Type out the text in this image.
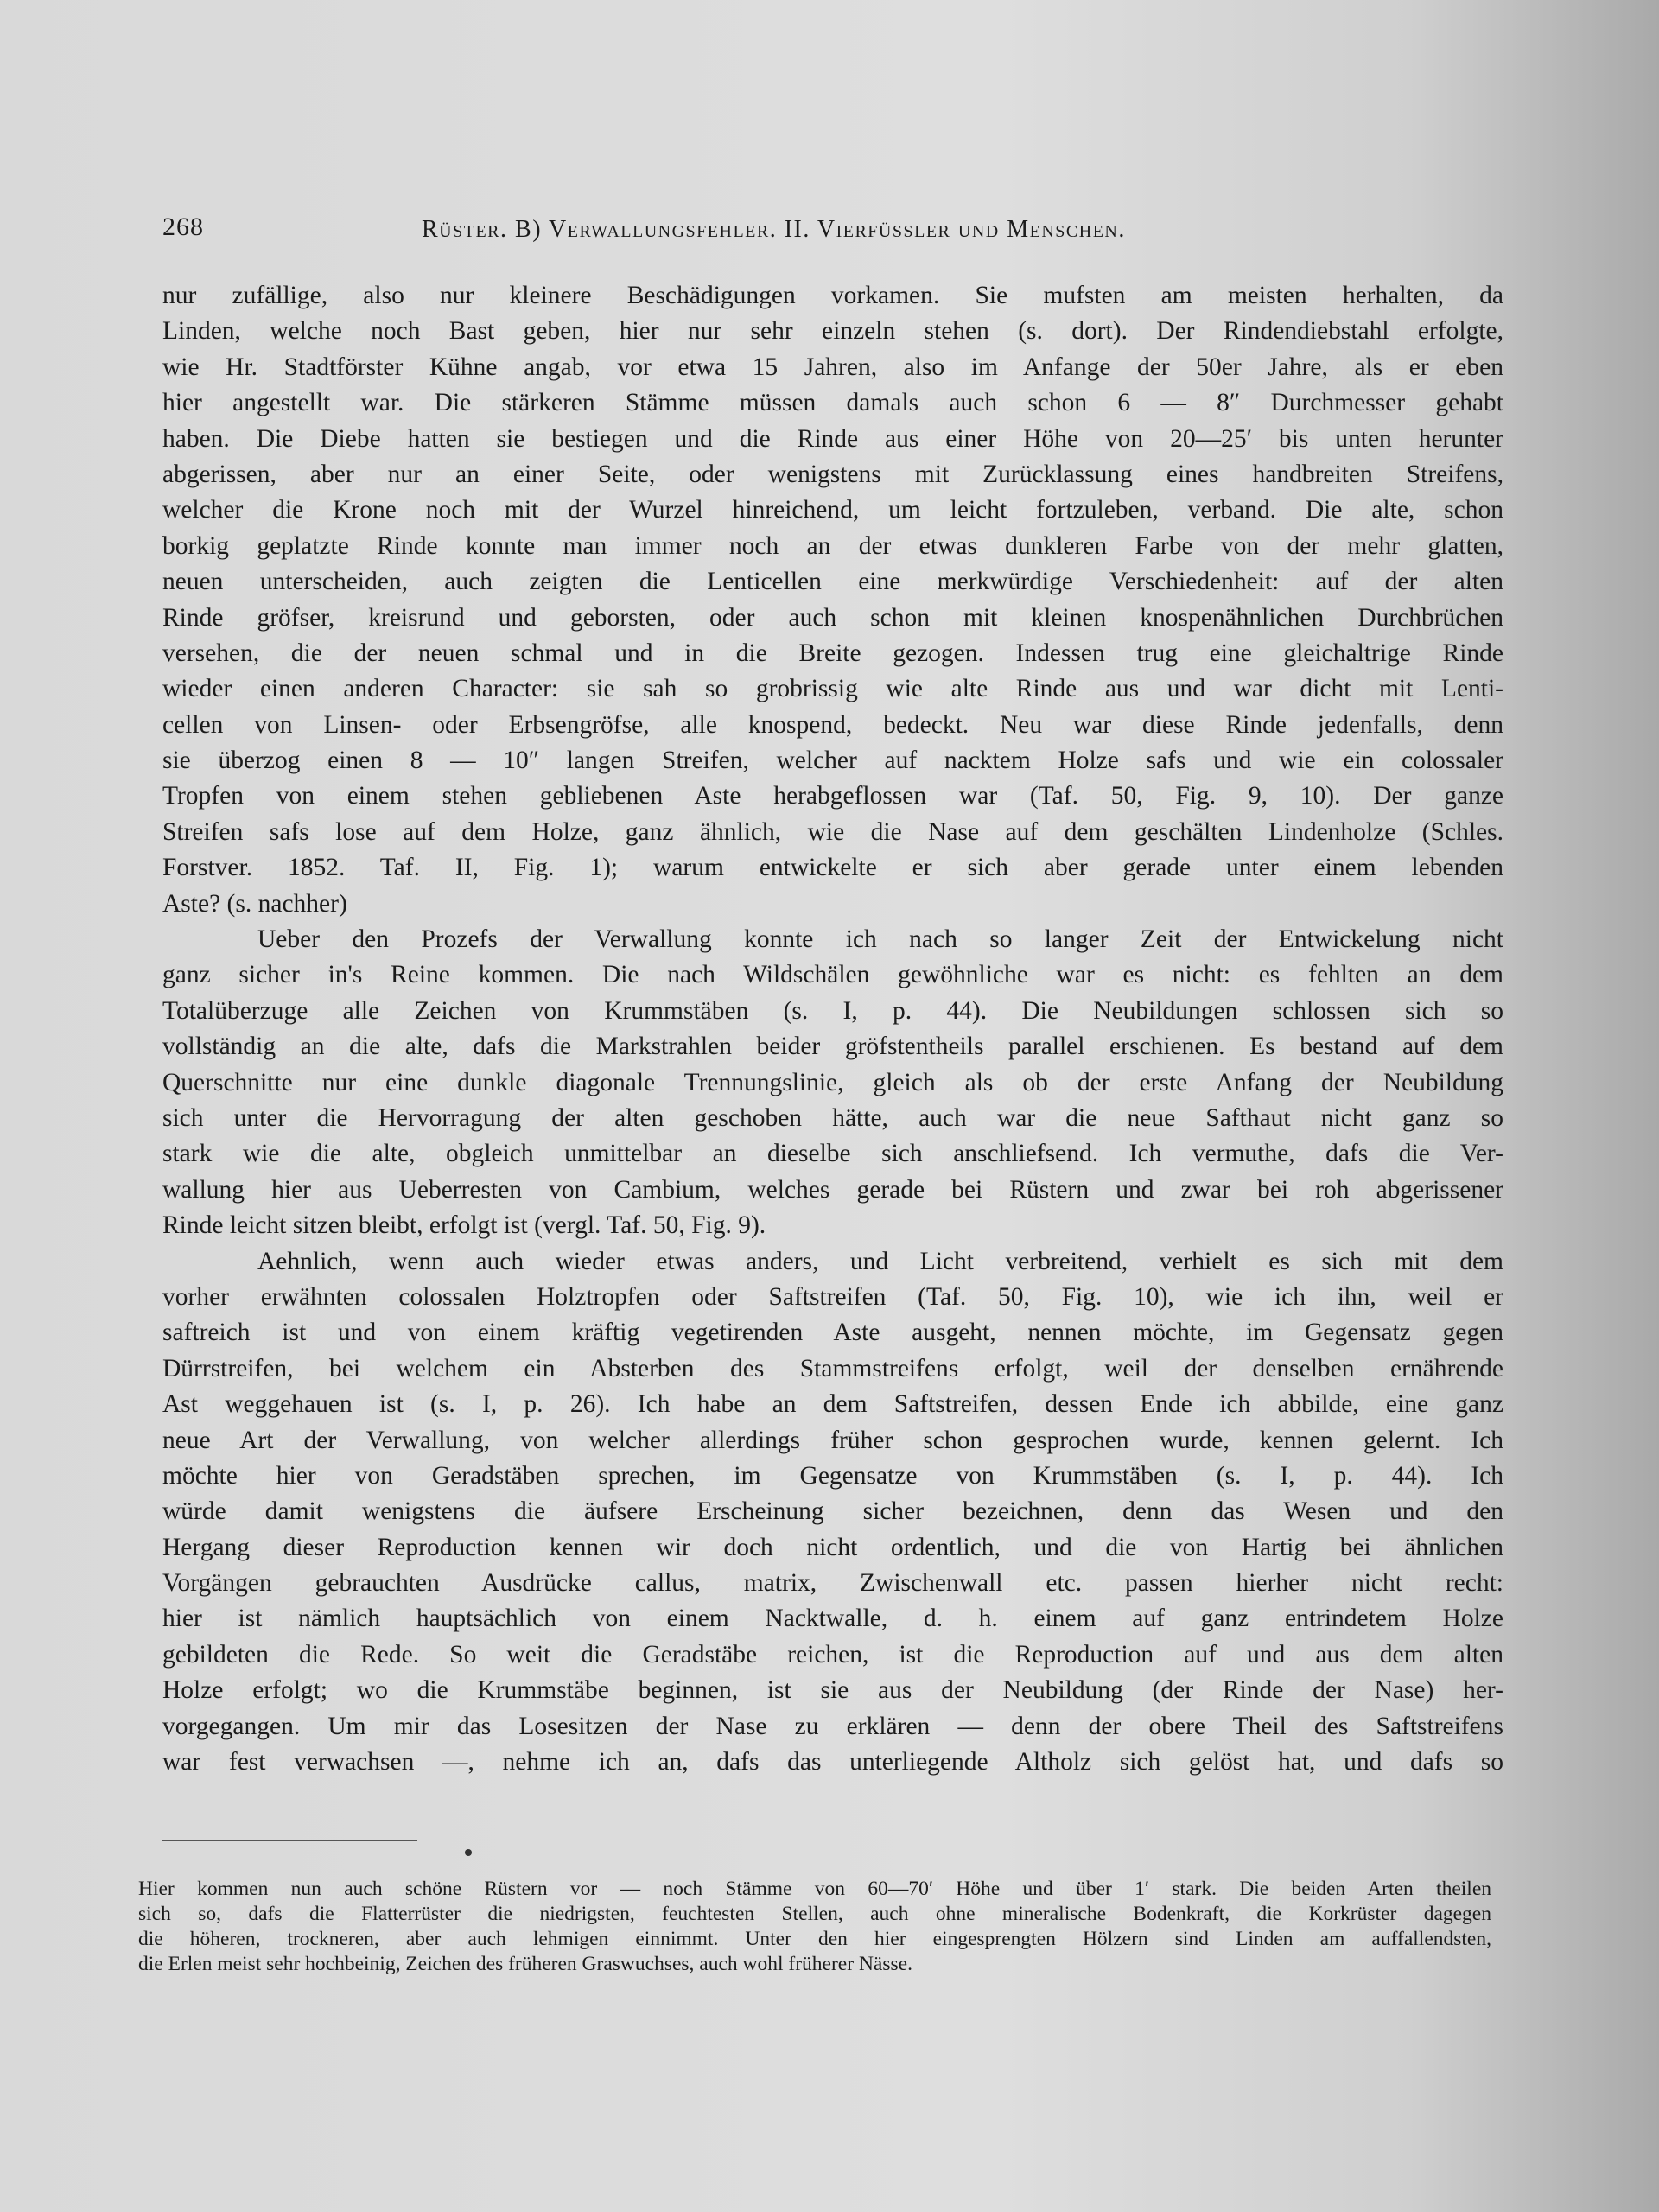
268	Rüster. B) Verwallungsfehler. II. Vierfüssler und Menschen.
nur zufällige, also nur kleinere Beschädigungen vorkamen. Sie mufsten am meisten herhalten, da
Linden, welche noch Bast geben, hier nur sehr einzeln stehen (s. dort). Der Rindendiebstahl erfolgte,
wie Hr. Stadtförster Kühne angab, vor etwa 15 Jahren, also im Anfange der 50er Jahre, als er eben
hier angestellt war. Die stärkeren Stämme müssen damals auch schon 6 — 8″ Durchmesser gehabt
haben. Die Diebe hatten sie bestiegen und die Rinde aus einer Höhe von 20—25′ bis unten herunter
abgerissen, aber nur an einer Seite, oder wenigstens mit Zurücklassung eines handbreiten Streifens,
welcher die Krone noch mit der Wurzel hinreichend, um leicht fortzuleben, verband. Die alte, schon
borkig geplatzte Rinde konnte man immer noch an der etwas dunkleren Farbe von der mehr glatten,
neuen unterscheiden, auch zeigten die Lenticellen eine merkwürdige Verschiedenheit: auf der alten
Rinde gröfser, kreisrund und geborsten, oder auch schon mit kleinen knospenähnlichen Durchbrüchen
versehen, die der neuen schmal und in die Breite gezogen. Indessen trug eine gleichaltrige Rinde
wieder einen anderen Character: sie sah so grobrissig wie alte Rinde aus und war dicht mit Lenti-
cellen von Linsen- oder Erbsengröfse, alle knospend, bedeckt. Neu war diese Rinde jedenfalls, denn
sie überzog einen 8 — 10″ langen Streifen, welcher auf nacktem Holze safs und wie ein colossaler
Tropfen von einem stehen gebliebenen Aste herabgeflossen war (Taf. 50, Fig. 9, 10). Der ganze
Streifen safs lose auf dem Holze, ganz ähnlich, wie die Nase auf dem geschälten Lindenholze (Schles.
Forstver. 1852. Taf. II, Fig. 1); warum entwickelte er sich aber gerade unter einem lebenden
Aste? (s. nachher)
Ueber den Prozefs der Verwallung konnte ich nach so langer Zeit der Entwickelung nicht
ganz sicher in's Reine kommen. Die nach Wildschälen gewöhnliche war es nicht: es fehlten an dem
Totalüberzuge alle Zeichen von Krummstäben (s. I, p. 44). Die Neubildungen schlossen sich so
vollständig an die alte, dafs die Markstrahlen beider gröfstentheils parallel erschienen. Es bestand auf dem
Querschnitte nur eine dunkle diagonale Trennungslinie, gleich als ob der erste Anfang der Neubildung
sich unter die Hervorragung der alten geschoben hätte, auch war die neue Safthaut nicht ganz so
stark wie die alte, obgleich unmittelbar an dieselbe sich anschliefsend. Ich vermuthe, dafs die Ver-
wallung hier aus Ueberresten von Cambium, welches gerade bei Rüstern und zwar bei roh abgerissener
Rinde leicht sitzen bleibt, erfolgt ist (vergl. Taf. 50, Fig. 9).
Aehnlich, wenn auch wieder etwas anders, und Licht verbreitend, verhielt es sich mit dem
vorher erwähnten colossalen Holztropfen oder Saftstreifen (Taf. 50, Fig. 10), wie ich ihn, weil er
saftreich ist und von einem kräftig vegetirenden Aste ausgeht, nennen möchte, im Gegensatz gegen
Dürrstreifen, bei welchem ein Absterben des Stammstreifens erfolgt, weil der denselben ernährende
Ast weggehauen ist (s. I, p. 26). Ich habe an dem Saftstreifen, dessen Ende ich abbilde, eine ganz
neue Art der Verwallung, von welcher allerdings früher schon gesprochen wurde, kennen gelernt. Ich
möchte hier von Geradstäben sprechen, im Gegensatze von Krummstäben (s. I, p. 44). Ich
würde damit wenigstens die äufsere Erscheinung sicher bezeichnen, denn das Wesen und den
Hergang dieser Reproduction kennen wir doch nicht ordentlich, und die von Hartig bei ähnlichen
Vorgängen gebrauchten Ausdrücke callus, matrix, Zwischenwall etc. passen hierher nicht recht:
hier ist nämlich hauptsächlich von einem Nacktwalle, d. h. einem auf ganz entrindetem Holze
gebildeten die Rede. So weit die Geradstäbe reichen, ist die Reproduction auf und aus dem alten
Holze erfolgt; wo die Krummstäbe beginnen, ist sie aus der Neubildung (der Rinde der Nase) her-
vorgegangen. Um mir das Losesitzen der Nase zu erklären — denn der obere Theil des Saftstreifens
war fest verwachsen —, nehme ich an, dafs das unterliegende Altholz sich gelöst hat, und dafs so
Hier kommen nun auch schöne Rüstern vor — noch Stämme von 60—70′ Höhe und über 1′ stark. Die beiden Arten theilen
sich so, dafs die Flatterrüster die niedrigsten, feuchtesten Stellen, auch ohne mineralische Bodenkraft, die Korkrüster dagegen
die höheren, trockneren, aber auch lehmigen einnimmt. Unter den hier eingesprengten Hölzern sind Linden am auffallendsten,
die Erlen meist sehr hochbeinig, Zeichen des früheren Graswuchses, auch wohl früherer Nässe.
